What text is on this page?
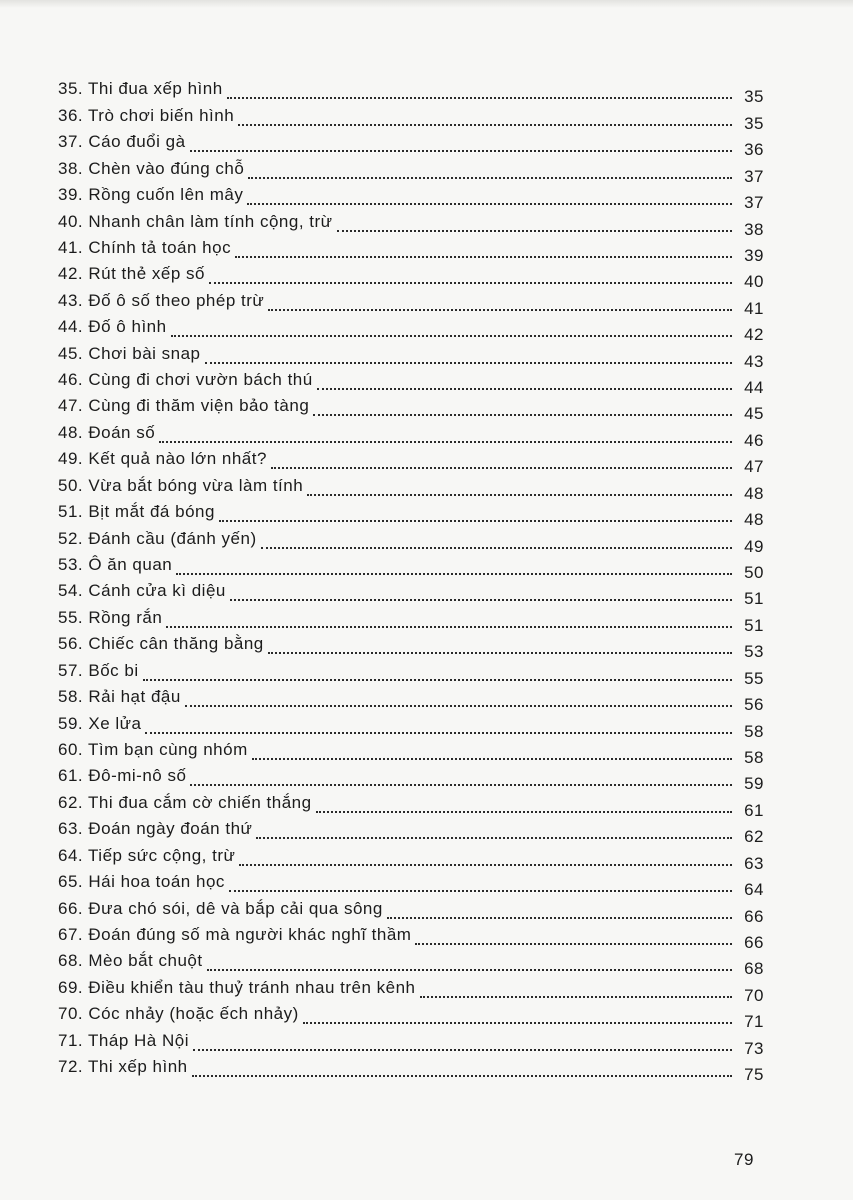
35. Thi đua xếp hình	35
36. Trò chơi biến hình	35
37. Cáo đuổi gà	36
38. Chèn vào đúng chỗ	37
39. Rồng cuốn lên mây	37
40. Nhanh chân làm tính cộng, trừ	38
41. Chính tả toán học	39
42. Rút thẻ xếp số	40
43. Đố ô số theo phép trừ	41
44. Đố ô hình	42
45. Chơi bài snap	43
46. Cùng đi chơi vườn bách thú	44
47. Cùng đi thăm viện bảo tàng	45
48. Đoán số	46
49. Kết quả nào lớn nhất?	47
50. Vừa bắt bóng vừa làm tính	48
51. Bịt mắt đá bóng	48
52. Đánh cầu (đánh yến)	49
53. Ô ăn quan	50
54. Cánh cửa kì diệu	51
55. Rồng rắn	51
56. Chiếc cân thăng bằng	53
57. Bốc bi	55
58. Rải hạt đậu	56
59. Xe lửa	58
60. Tìm bạn cùng nhóm	58
61. Đô-mi-nô số	59
62. Thi đua cắm cờ chiến thắng	61
63. Đoán ngày đoán thứ	62
64. Tiếp sức cộng, trừ	63
65. Hái hoa toán học	64
66. Đưa chó sói, dê và bắp cải qua sông	66
67. Đoán đúng số mà người khác nghĩ thầm	66
68. Mèo bắt chuột	68
69. Điều khiển tàu thuỷ tránh nhau trên kênh	70
70. Cóc nhảy (hoặc ếch nhảy)	71
71. Tháp Hà Nội	73
72. Thi xếp hình	75
79
